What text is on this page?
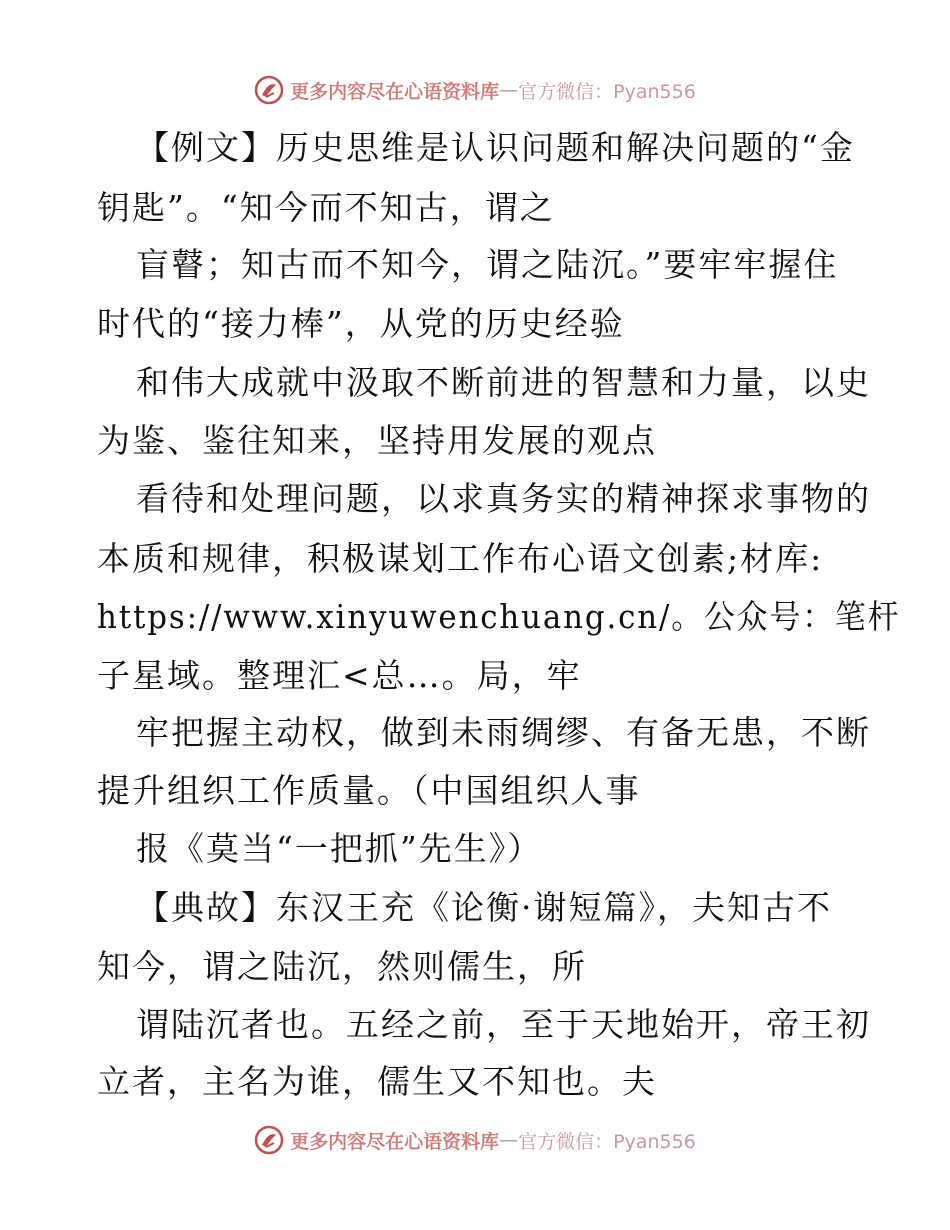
更多内容尽在心语资料库 — 官方微信：Pyan556
【例文】历史思维是认识问题和解决问题的“金
钥匙”。“知今而不知古，谓之
盲瞽；知古而不知今，谓之陆沉。”要牢牢握住
时代的“接力棒”，从党的历史经验
和伟大成就中汲取不断前进的智慧和力量，以史
为鉴、鉴往知来，坚持用发展的观点
看待和处理问题，以求真务实的精神探求事物的
本质和规律，积极谋划工作布心语文创素;材库:
https://www.xinyuwenchuang.cn/。公众号：笔杆
子星域。整理汇<总…。局，牢
牢把握主动权，做到未雨绸缪、有备无患，不断
提升组织工作质量。（中国组织人事
报《莫当“一把抓”先生》）
【典故】东汉王充《论衡·谢短篇》，夫知古不
知今，谓之陆沉，然则儒生，所
谓陆沉者也。五经之前，至于天地始开，帝王初
立者，主名为谁，儒生又不知也。夫
更多内容尽在心语资料库 — 官方微信：Pyan556
